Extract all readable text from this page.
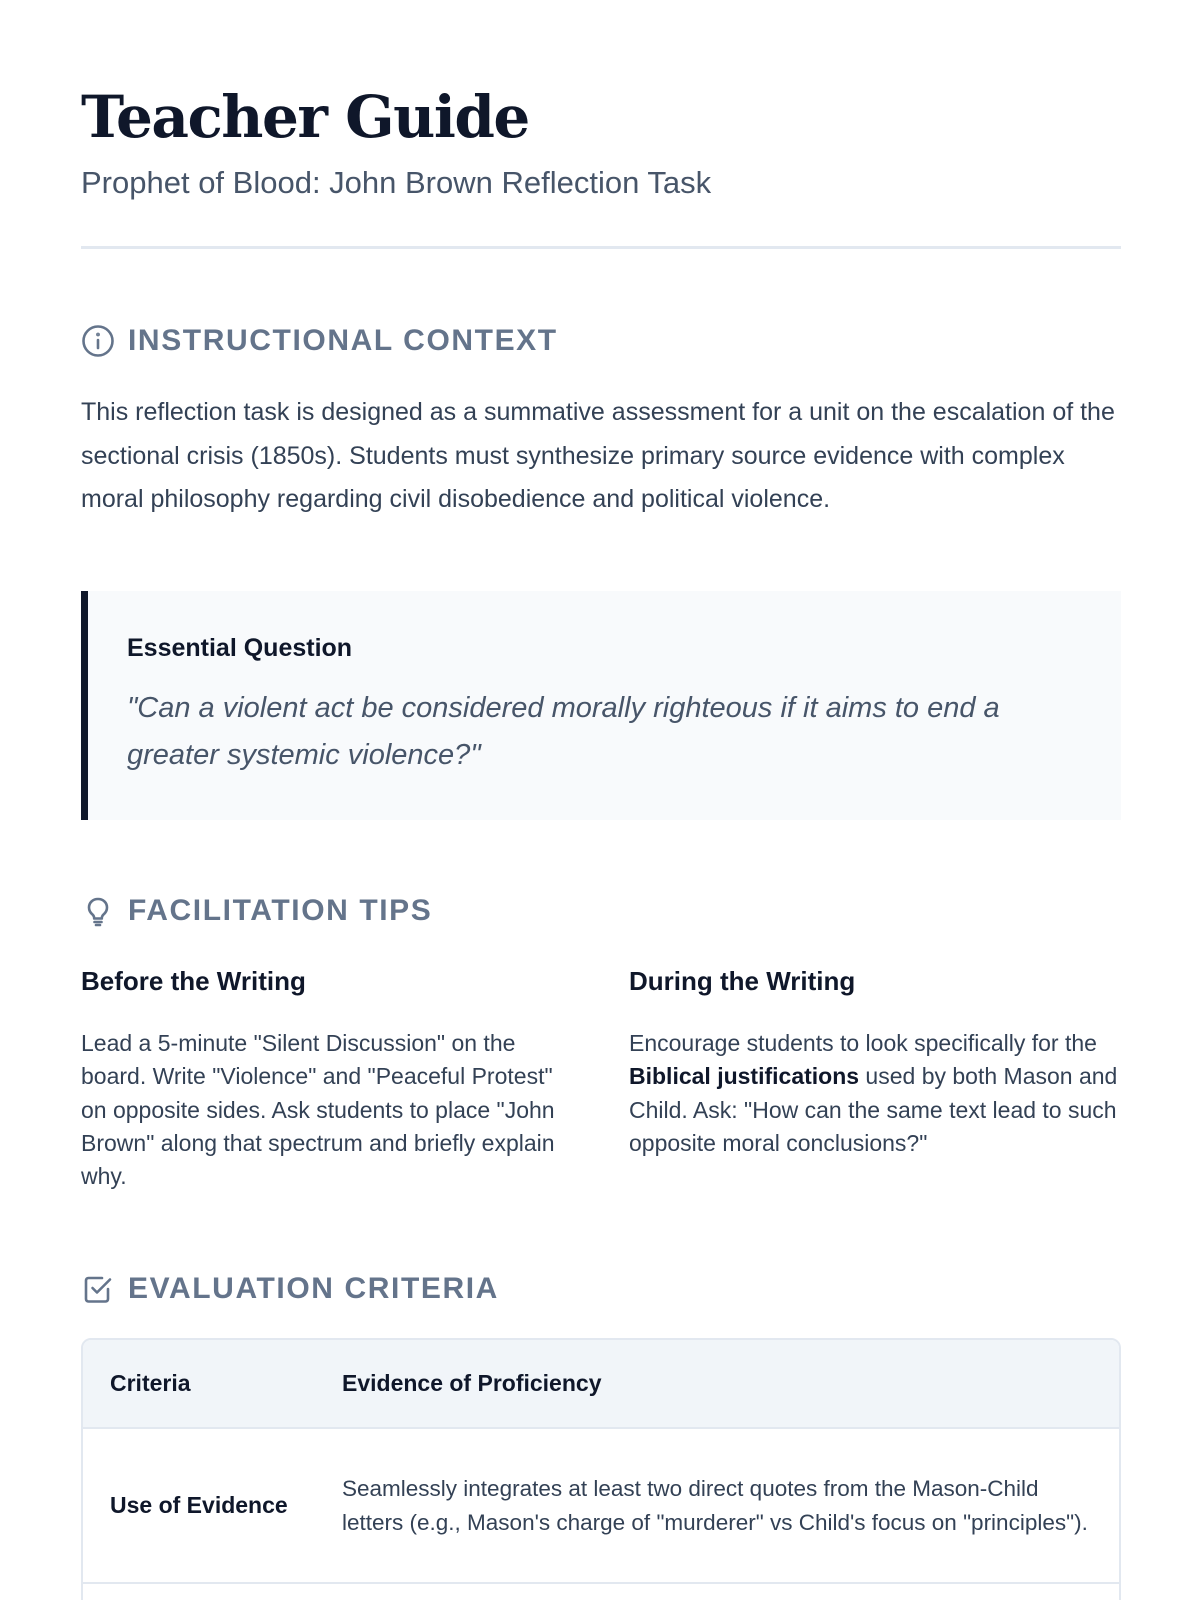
Teacher Guide
Prophet of Blood: John Brown Reflection Task
INSTRUCTIONAL CONTEXT

This reflection task is designed as a summative assessment for a unit on the escalation of the sectional crisis (1850s). Students must synthesize primary source evidence with complex moral philosophy regarding civil disobedience and political violence.

Essential Question
"Can a violent act be considered morally righteous if it aims to end a greater systemic violence?"
FACILITATION TIPS
Before the Writing

Lead a 5-minute "Silent Discussion" on the board. Write "Violence" and "Peaceful Protest" on opposite sides. Ask students to place "John Brown" along that spectrum and briefly explain why.

During the Writing

Encourage students to look specifically for the Biblical justifications used by both Mason and Child. Ask: "How can the same text lead to such opposite moral conclusions?"

EVALUATION CRITERIA
Criteria	Evidence of Proficiency
Use of Evidence
Seamlessly integrates at least two direct quotes from the Mason-Child letters (e.g., Mason's charge of "murderer" vs Child's focus on "principles").
